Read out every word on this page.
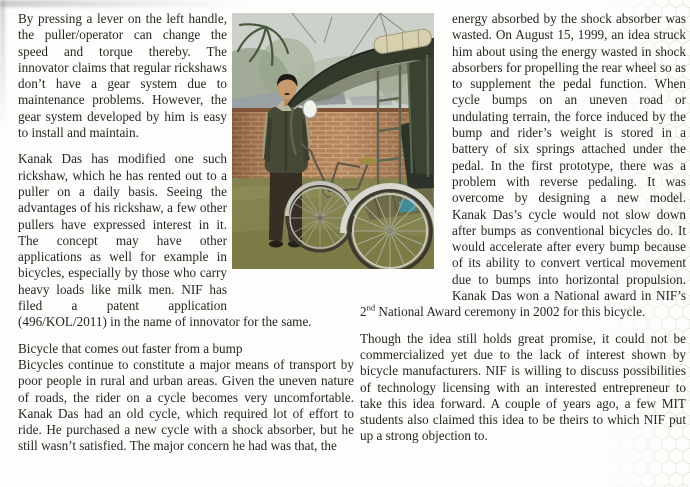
By pressing a lever on the left handle, the puller/operator can change the speed and torque thereby. The innovator claims that regular rickshaws don’t have a gear system due to maintenance problems. However, the gear system developed by him is easy to install and maintain.

Kanak Das has modified one such rickshaw, which he has rented out to a puller on a daily basis. Seeing the advantages of his rickshaw, a few other pullers have expressed interest in it. The concept may have other applications as well for example in bicycles, especially by those who carry heavy loads like milk men. NIF has filed a patent application (496/KOL/2011) in the name of innovator for the same.

Bicycle that comes out faster from a bump

Bicycles continue to constitute a major means of transport by poor people in rural and urban areas. Given the uneven nature of roads, the rider on a cycle becomes very uncomfortable. Kanak Das had an old cycle, which required lot of effort to ride. He purchased a new cycle with a shock absorber, but he still wasn’t satisfied. The major concern he had was that, the

energy absorbed by the shock absorber was wasted. On August 15, 1999, an idea struck him about using the energy wasted in shock absorbers for propelling the rear wheel so as to supplement the pedal function. When cycle bumps on an uneven road or undulating terrain, the force induced by the bump and rider’s weight is stored in a battery of six springs attached under the pedal. In the first prototype, there was a problem with reverse pedaling. It was overcome by designing a new model. Kanak Das’s cycle would not slow down after bumps as conventional bicycles do. It would accelerate after every bump because of its ability to convert vertical movement due to bumps into horizontal propulsion. Kanak Das won a National award in NIF’s 2nd National Award ceremony in 2002 for this bicycle.

Though the idea still holds great promise, it could not be commercialized yet due to the lack of interest shown by bicycle manufacturers. NIF is willing to discuss possibilities of technology licensing with an interested entrepreneur to take this idea forward. A couple of years ago, a few MIT students also claimed this idea to be theirs to which NIF put up a strong objection to.
